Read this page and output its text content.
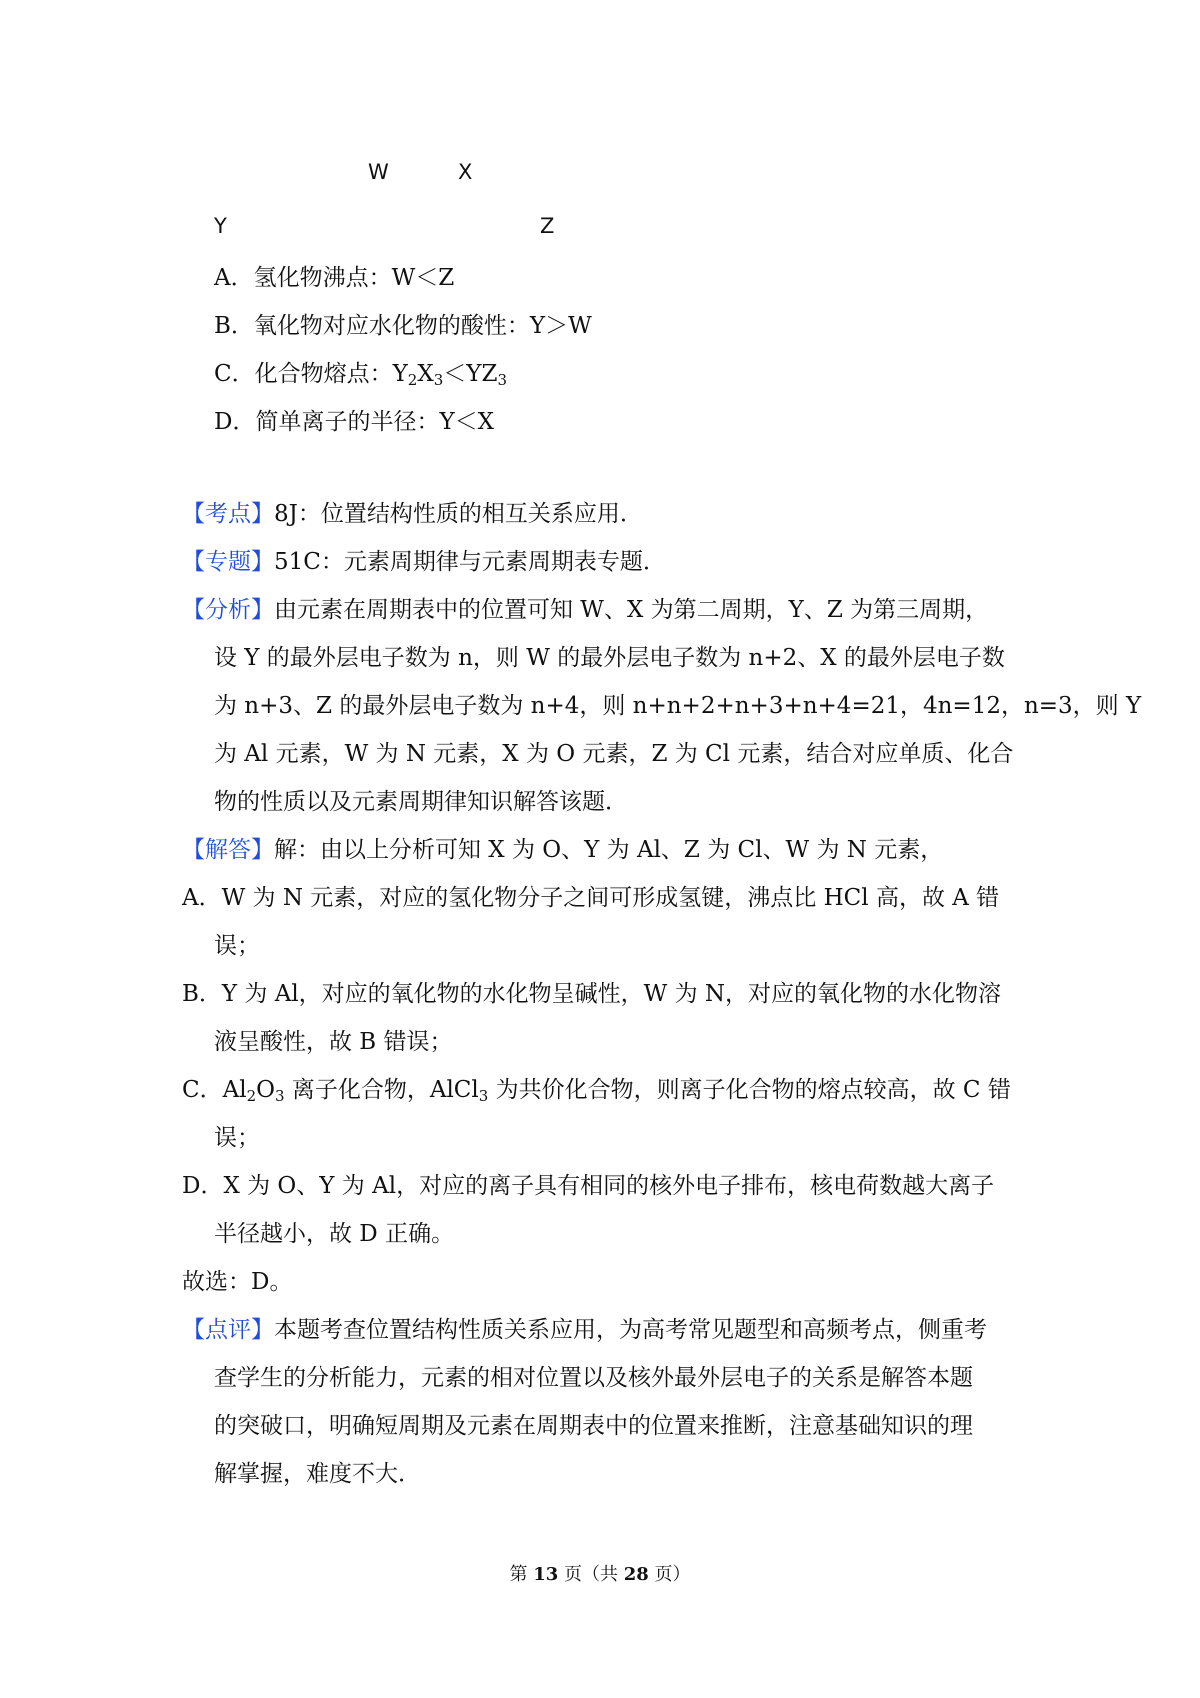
W	X
Y	Z
A．氢化物沸点：W＜Z
B．氧化物对应水化物的酸性：Y＞W
C．化合物熔点：$Y_2X_3<YZ_3$
D．简单离子的半径：Y＜X
【考点】8J：位置结构性质的相互关系应用．
【专题】51C：元素周期律与元素周期表专题．
【分析】由元素在周期表中的位置可知 W、X 为第二周期，Y、Z 为第三周期，
设 Y 的最外层电子数为 n，则 W 的最外层电子数为 n+2、X 的最外层电子数
为 n+3、Z 的最外层电子数为 n+4，则 n+n+2+n+3+n+4=21，4n=12，n=3，则 Y
为 Al 元素，W 为 N 元素，X 为 O 元素，Z 为 Cl 元素，结合对应单质、化合
物的性质以及元素周期律知识解答该题．
【解答】解：由以上分析可知 X 为 O、Y 为 Al、Z 为 Cl、W 为 N 元素，
A．W 为 N 元素，对应的氢化物分子之间可形成氢键，沸点比 HCl 高，故 A 错
误；
B．Y 为 Al，对应的氧化物的水化物呈碱性，W 为 N，对应的氧化物的水化物溶
液呈酸性，故 B 错误；
C．$Al_2O_3$ 离子化合物，AlCl$_3$ 为共价化合物，则离子化合物的熔点较高，故 C 错
误；
D．X 为 O、Y 为 Al，对应的离子具有相同的核外电子排布，核电荷数越大离子
半径越小，故 D 正确。
故选：D。
【点评】本题考查位置结构性质关系应用，为高考常见题型和高频考点，侧重考
查学生的分析能力，元素的相对位置以及核外最外层电子的关系是解答本题
的突破口，明确短周期及元素在周期表中的位置来推断，注意基础知识的理
解掌握，难度不大．
第 13 页（共 28 页）
